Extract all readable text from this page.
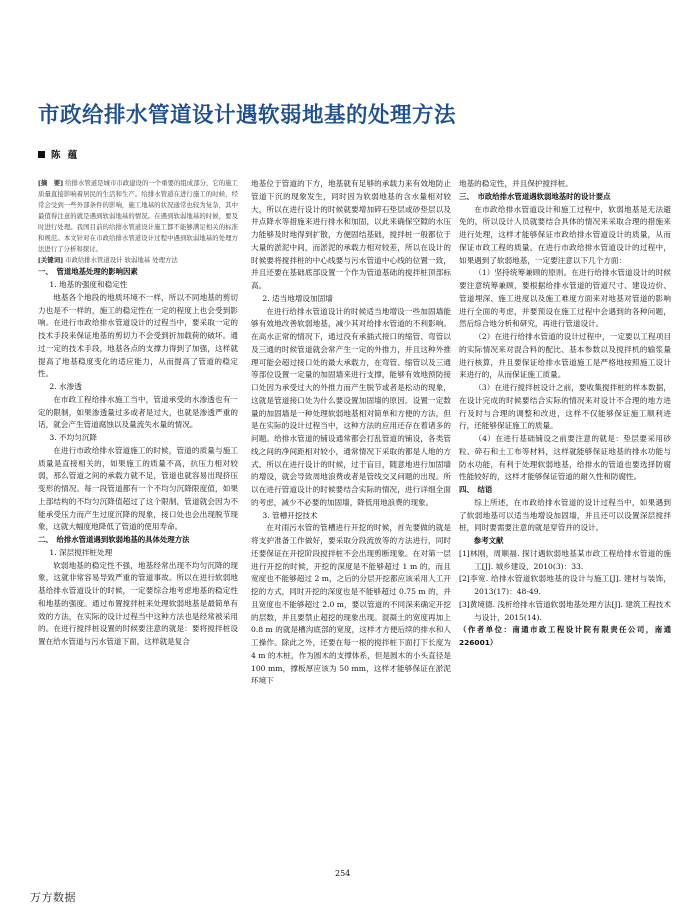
市政给排水管道设计遇软弱地基的处理方法
陈 蕴

[摘　要] 给排水管道是城市市政建设的一个重要的组成部分，它的施工质量直接影响着居民的生活和生产。给排水管道在进行施工的时候，经常会受到一些外部条件的影响，施工地基的状况通常也较为复杂，其中最值得注意的就是遇到软弱地基的情况。在遇到软弱地基的时候，要及时进行处理。我国目前的给排水管道设计施工都不能够满足相关的标准和规范。本文针对在市政给排水管道设计过程中遇到软弱地基的处理方法进行了分析和探讨。

[关键词] 市政给排水管道设计 软弱地基 处理方法

一、　管道地基处理的影响因素

1. 地基的强度和稳定性

地基各个地段的地质环境不一样，所以不同地基的剪切力也是不一样的，施工的稳定性在一定的程度上也会受到影响。在进行市政给排水管道设计的过程当中，要采取一定的技术手段来保证地基的剪切力不会受到折加载荷的破坏。通过一定的技术手段，地基各点的支撑力得到了加强，这样就提高了地基稳度变化的适应能力，从而提高了管道的稳定性。

2. 水渗透

在市政工程给排水施工当中，管道承受的水渗透也有一定的限制，如果渗透量过多或者是过大，也就是渗透严重的话，就会产生管道腐蚀以及量流失水量的情况。

3. 不均匀沉降

在进行市政给排水管道施工的时候，管道的质量与施工质量是直接相关的，如果施工的质量不高，抗压力相对较弱，那么管道之间的承载力就不足，管道也就容易出现挤压变形的情况。每一段管道都有一个不均匀沉降限度值，如果上部结构的不均匀沉降值超过了这个限制，管道就会因为不能承受压力而产生过度沉降的现象，接口处也会出现脱节现象，这就大幅度地降低了管道的使用寿命。

二、　给排水管道遇到软弱地基的具体处理方法

1. 深层搅拌桩处理

软弱地基的稳定性不强，地基经常出现不均匀沉降的现象，这就非常容易导致严重的管道事故。所以在进行软弱地基给排水管道设计的时候，一定要综合地考虑地基的稳定性和地基的强度。通过布置搅拌桩来处理软弱地基是最简单有效的方法，在实际的设计过程当中这种方法也是经常被采用的。在进行搅拌桩设置的时候要注意的就是：要将搅拌桩设置在给水管道与污水管道下面，这样就是复合

地基位于管道的下方，地基就有足够的承载力来有效地防止管道下沉的现象发生，同时因为软弱地基的含水量相对较大，所以在进行设计的时候就要增加碎石垫层或砂垫层以及井点降水等措施来进行排水和加固，以此来确保空隙的水压力能够及时地得到扩散，方便固结基础，搅拌桩一般都位于大量的淤泥中间，而淤泥的承载力相对较差，所以在设计的时候要将搅拌桩的中心线要与污水管道中心线的位置一致，并且还要在基础底部设置一个作为管道基础的搅拌桩顶部标高。

2. 适当地增设加固墙

在进行给排水管道设计的时候适当地增设一些加固墙能够有效地改善软弱地基，减少其对给排水管道的不利影响。在高水正常的情况下，通过没有承插式接口的缩管、弯管以及三通的时候管道就会常产生一定的外推力，并且这种外推理可能会超过接口处的最大承载力，在弯管、缩管以及三通等部位设置一定量的加固墙来进行支撑，能够有效地预防接口处因为承受过大的外推力而产生脱节或者是松动的现象，这就是管道接口处为什么要设置加固墙的原因。设置一定数量的加固墙是一种处理软弱地基相对简单和方便的方法，但是在实际的设计过程当中，这种方法的应用还存在着诸多的问题。给排水管道的铺设通常都会打乱管道的铺设，各类管线之间的净间距相对较小，通常情况下采取的都是人地的方式。所以在进行设计的时候，过于盲目，随意地进行加固墙的增设，就会导致周地浪费或者是管线交叉问题的出现。所以在进行管道设计的时候要结合实际的情况，进行详细全面的考虑，减少不必要的加固墙，降低用地浪费的现象。

3. 管槽开挖技术

在对雨污水管的管槽进行开挖的时候，首先要做的就是将支护准备工作做好，要采取分段流放等的方法进行，同时还要保证在开挖阶段搅拌桩不会出现剪断现象。在对第一层进行开挖的时候，开挖的深度是不能够超过 1 m 的，而且宽度也不能够超过 2 m，之后的分层开挖都应该采用人工开挖的方式，同时开挖的深度也是不能够超过 0.75 m 的，并且宽度也不能够超过 2.0 m，要以管道的不同深来确定开挖的层数，并且要禁止超挖的现象出现。混凝土的宽度再加上 0.8 m 的就是槽沟底部的宽度，这样才方便后续的排水和人工操作。除此之外，还要在每一根的搅拌桩下面打下长度为 4 m 的木桩，作为圆木的支撑体系，但是圆木的小头直径是 100 mm，撑板厚应该为 50 mm，这样才能够保证在淤泥环境下

地基的稳定性，并且保护搅拌桩。

三、　市政给排水管道遇软弱地基时的设计要点

在市政给排水管道设计和施工过程中，软弱地基是无法避免的，所以设计人员就要结合具体的情况来采取合理的措施来进行处理，这样才能够保证市政给排水管道设计的质量，从而保证市政工程的质量。在进行市政给排水管道设计的过程中，如果遇到了软弱地基，一定要注意以下几个方面：

（1）坚持统筹兼顾的原则。在进行给排水管道设计的时候要注意统筹兼顾，要根据给排水管道的管道尺寸、建设边价、管道埋深、施工进度以及施工难度方面来对地基对管道的影响进行全面的考虑，并要预设在施工过程中会遇到的各种问题，然后综合地分析和研究，再进行管道设计。

（2）在进行给排水管道的设计过程中，一定要以工程项目的实际情况来对混合料的配比、基本参数以及搅拌机的输浆量进行核算，并且要保证给排水管道施工是严格地按照施工设计来进行的，从而保证施工质量。

（3）在进行搅拌桩设计之前，要收集搅拌桩的样本数据，在设计完成的时候要结合实际的情况来对设计不合理的地方进行及时与合理的调整和改进，这样不仅能够保证施工顺利进行，还能够保证施工的质量。

（4）在进行基础铺设之前要注意的就是：垫层要采用砂粒、碎石和土工布等材料，这样就能够保证地基的排水功能与防水功能，有利于处理软弱地基，给排水的管道也要选择防腐性能较好的，这样才能够保证管道的耐久性和防腐性。

四、　结语

综上所述，在市政给排水管道的设计过程当中，如果遇到了软弱地基可以适当地增设加固墙，并且还可以设置深层搅拌桩，同时要需要注意的就是穿管并的设计。

参考文献

[1]林刚，周顺福. 探讨遇软弱地基某市政工程给排水管道的施工[J]. 城乡建设，2010(3)：33.

[2]李宽. 给排水管道软弱地基的设计与施工[J]. 建材与装饰，2013(17)：48-49.

[3]黄境德. 浅析给排水管道软弱地基处理方法[J]. 建筑工程技术与设计，2015(14).

（作者单位：南通市政工程设计院有限责任公司，南通 226001）

254
万方数据
